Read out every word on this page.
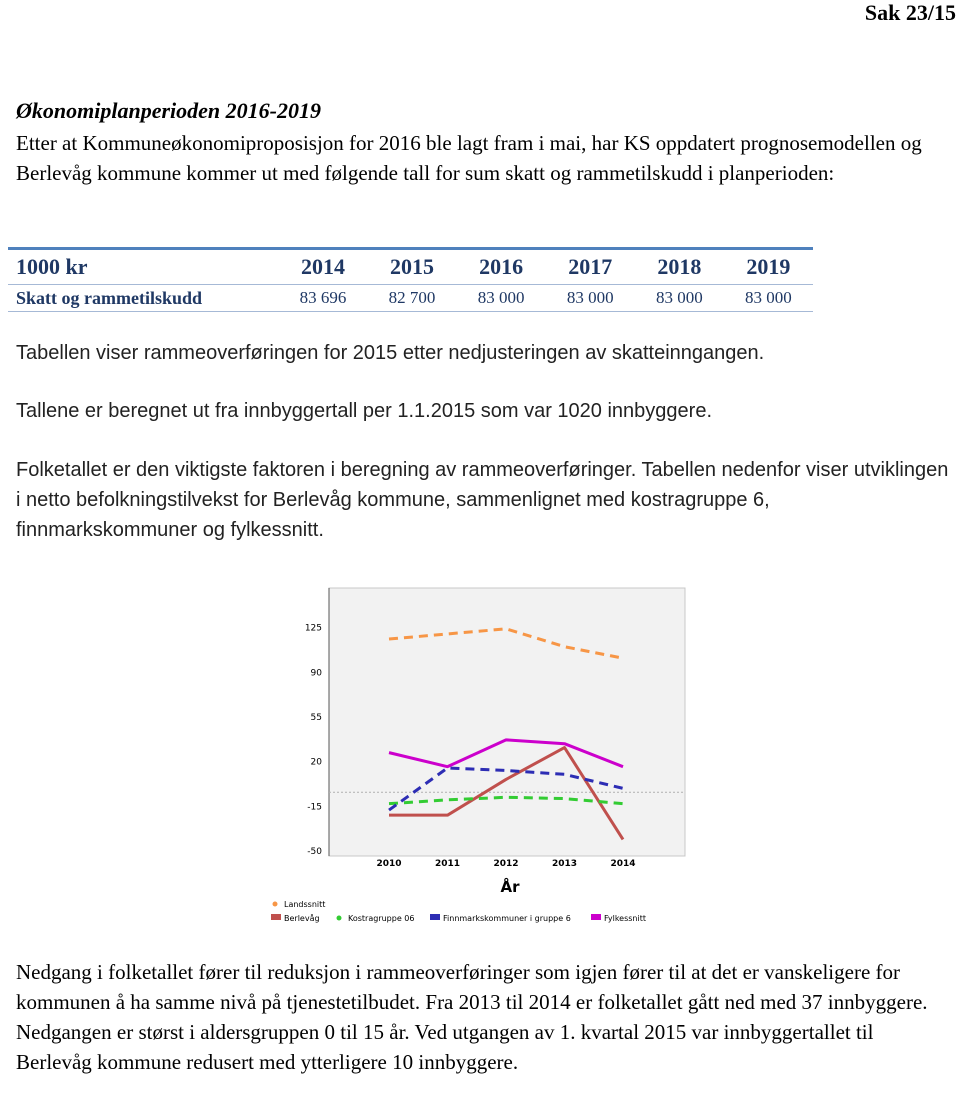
Sak 23/15
Økonomiplanperioden 2016-2019

Etter at Kommuneøkonomiproposisjon for 2016 ble lagt fram i mai, har KS oppdatert prognosemodellen og Berlevåg kommune kommer ut med følgende tall for sum skatt og rammetilskudd i planperioden:

1000 kr	2014	2015	2016	2017	2018	2019
Skatt og rammetilskudd	83 696	82 700	83 000	83 000	83 000	83 000

Tabellen viser rammeoverføringen for 2015 etter nedjusteringen av skatteinngangen.

Tallene er beregnet ut fra innbyggertall per 1.1.2015 som var 1020 innbyggere.

Folketallet er den viktigste faktoren i beregning av rammeoverføringer. Tabellen nedenfor viser utviklingen i netto befolkningstilvekst for Berlevåg kommune, sammenlignet med kostragruppe 6, finnmarkskommuner og fylkessnitt.

125
90
55
20
-15
-50
2010	2011	2012	2013	2014
År
Landssnitt
Berlevåg	Kostragruppe 06	Finnmarkskommuner i gruppe 6	Fylkessnitt

Nedgang i folketallet fører til reduksjon i rammeoverføringer som igjen fører til at det er vanskeligere for kommunen å ha samme nivå på tjenestetilbudet. Fra 2013 til 2014 er folketallet gått ned med 37 innbyggere. Nedgangen er størst i aldersgruppen 0 til 15 år. Ved utgangen av 1. kvartal 2015 var innbyggertallet til Berlevåg kommune redusert med ytterligere 10 innbyggere.
